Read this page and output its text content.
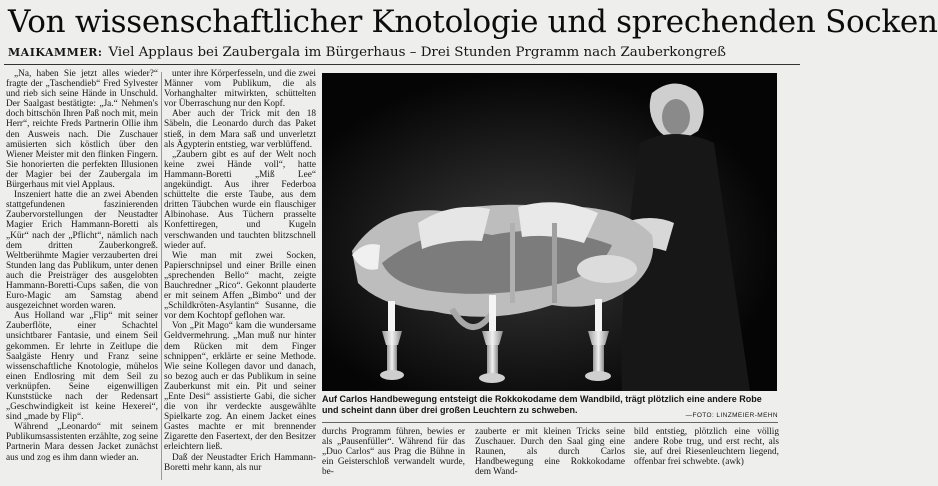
Von wissenschaftlicher Knotologie und sprechenden Socken
MAIKAMMER: Viel Applaus bei Zaubergala im Bürgerhaus – Drei Stunden Prgramm nach Zauberkongreß

„Na, haben Sie jetzt alles wieder?“ fragte der „Taschendieb“ Fred Sylvester und rieb sich seine Hände in Unschuld. Der Saalgast bestätigte: „Ja.“ Nehmen's doch bittschön Ihren Paß noch mit, mein Herr“, reichte Freds Partnerin Ollie ihm den Ausweis nach. Die Zuschauer amüsierten sich köstlich über den Wiener Meister mit den flinken Fingern. Sie honorierten die perfekten Illusionen der Magier bei der Zaubergala im Bürgerhaus mit viel Applaus.

Inszeniert hatte die an zwei Abenden stattgefundenen faszinierenden Zaubervorstellungen der Neustadter Magier Erich Hammann-Boretti als „Kür“ nach der „Pflicht“, nämlich nach dem dritten Zauberkongreß. Weltberühmte Magier verzauberten drei Stunden lang das Publikum, unter denen auch die Preisträger des ausgelobten Hammann-Boretti-Cups saßen, die von Euro-Magic am Samstag abend ausgezeichnet worden waren.

Aus Holland war „Flip“ mit seiner Zauberflöte, einer Schachtel unsichtbarer Fantasie, und einem Seil gekommen. Er lehrte in Zeitlupe die Saalgäste Henry und Franz seine wissenschaftliche Knotologie, mühelos einen Endlosring mit dem Seil zu verknüpfen. Seine eigenwilligen Kunststücke nach der Redensart „Geschwindigkeit ist keine Hexerei“, sind „made by Flip“.

Während „Leonardo“ mit seinem Publikumsassistenten erzählte, zog seine Partnerin Mara dessen Jacket zunächst aus und zog es ihm dann wieder an.

unter ihre Körperfesseln, und die zwei Männer vom Publikum, die als Vorhanghalter mitwirkten, schüttelten vor Überraschung nur den Kopf.

Aber auch der Trick mit den 18 Säbeln, die Leonardo durch das Paket stieß, in dem Mara saß und unverletzt als Ägypterin entstieg, war verblüffend.

„Zaubern gibt es auf der Welt noch keine zwei Hände voll“, hatte Hammann-Boretti „Miß Lee“ angekündigt. Aus ihrer Federboa schüttelte die erste Taube, aus dem dritten Täubchen wurde ein flauschiger Albinohase. Aus Tüchern prasselte Konfettiregen, und Kugeln verschwanden und tauchten blitzschnell wieder auf.

Wie man mit zwei Socken, Papierschnipsel und einer Brille einen „sprechenden Bello“ macht, zeigte Bauchredner „Rico“. Gekonnt plauderte er mit seinem Affen „Bimbo“ und der „Schildkröten-Asylantin“ Susanne, die vor dem Kochtopf geflohen war.

Von „Pit Mago“ kam die wundersame Geldvermehrung. „Man muß nur hinter dem Rücken mit dem Finger schnippen“, erklärte er seine Methode. Wie seine Kollegen davor und danach, so bezog auch er das Publikum in seine Zauberkunst mit ein. Pit und seiner „Ente Desi“ assistierte Gabi, die sicher die von ihr verdeckte ausgewählte Spielkarte zog. An einem Jacket eines Gastes machte er mit brennender Zigarette den Fasertext, der den Besitzer erleichtern ließ.

Daß der Neustadter Erich Hammann-Boretti mehr kann, als nur

Auf Carlos Handbewegung entsteigt die Rokkokodame dem Wandbild, trägt plötzlich eine andere Robe und scheint dann über drei großen Leuchtern zu schweben.
—FOTO: LINZMEIER-MEHN

durchs Programm führen, bewies er als „Pausenfüller“. Während für das „Duo Carlos“ aus Prag die Bühne in ein Geisterschloß verwandelt wurde, be-

zauberte er mit kleinen Tricks seine Zuschauer. Durch den Saal ging eine Raunen, als durch Carlos Handbewegung eine Rokkokodame dem Wand-

bild entstieg, plötzlich eine völlig andere Robe trug, und erst recht, als sie, auf drei Riesenleuchtern liegend, offenbar frei schwebte. (awk)
